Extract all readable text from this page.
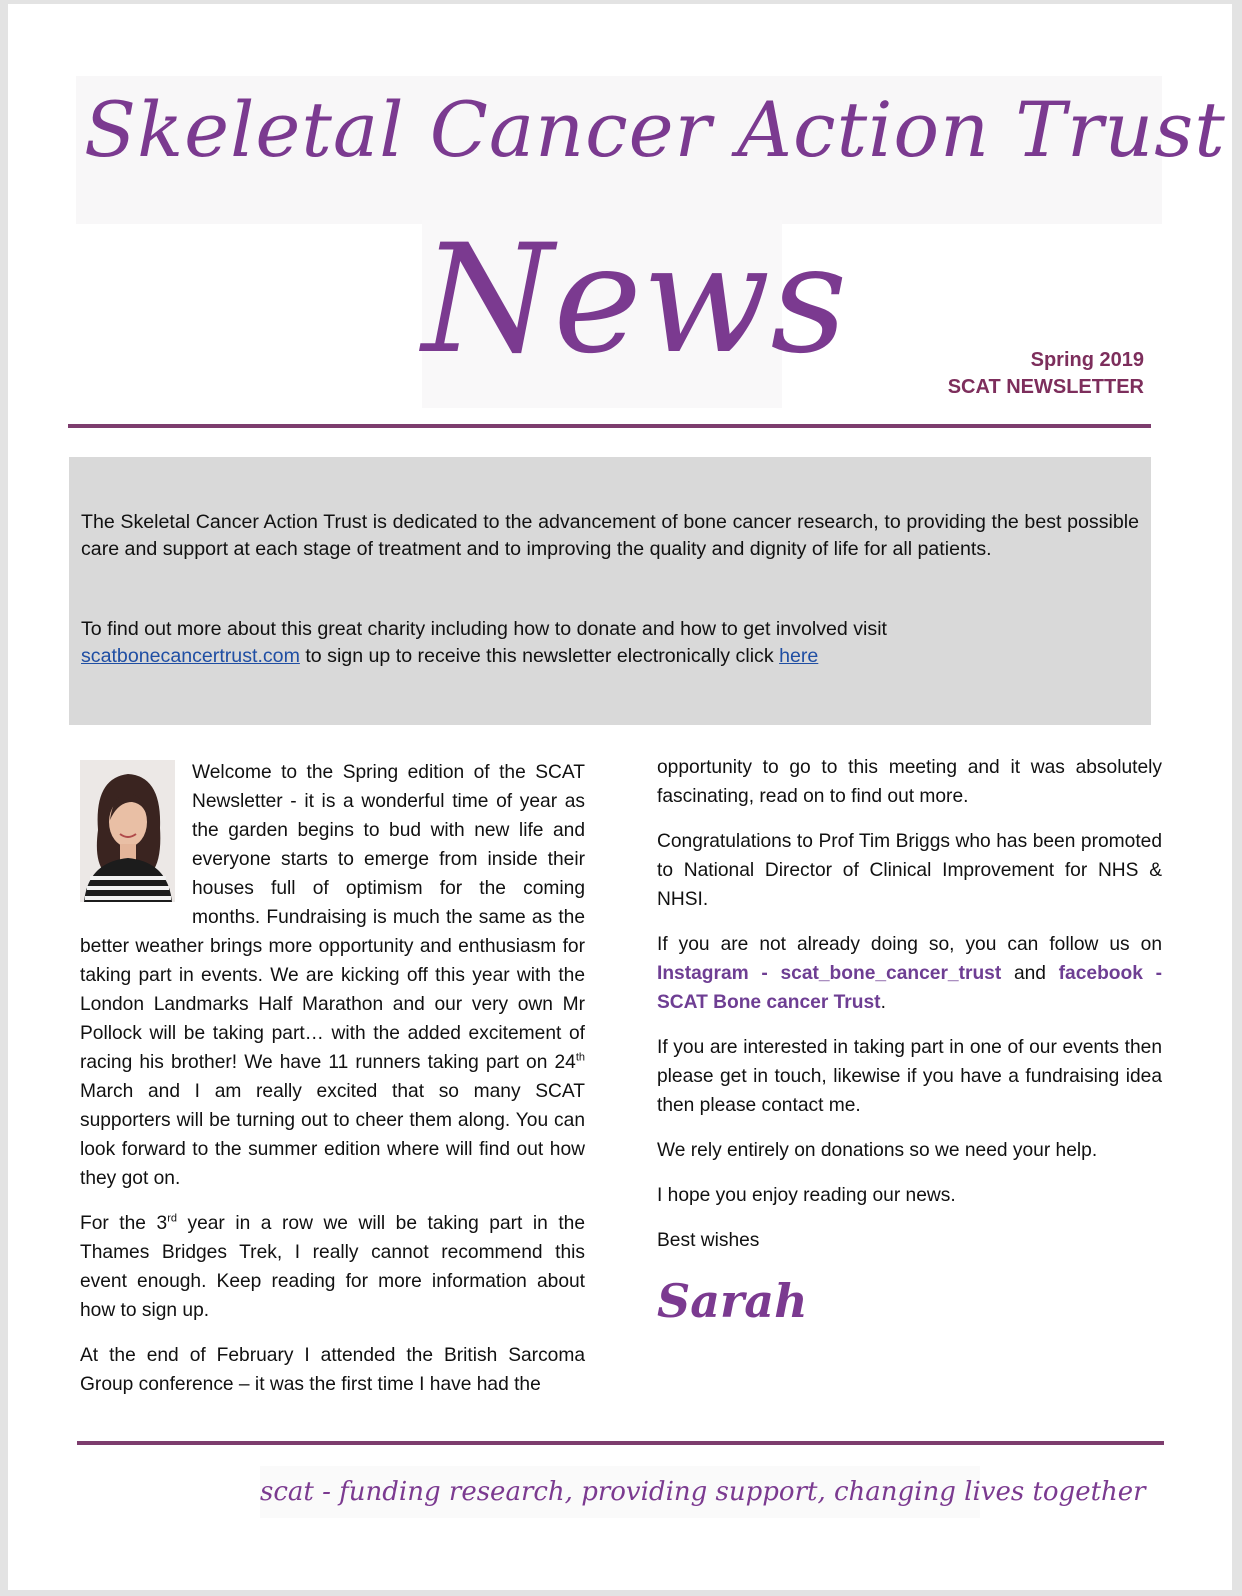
Skeletal Cancer Action Trust
News	Spring 2019
SCAT NEWSLETTER

The Skeletal Cancer Action Trust is dedicated to the advancement of bone cancer research, to providing the best possible care and support at each stage of treatment and to improving the quality and dignity of life for all patients.

To find out more about this great charity including how to donate and how to get involved visit
scatbonecancertrust.com to sign up to receive this newsletter electronically click here

Welcome to the Spring edition of the SCAT Newsletter - it is a wonderful time of year as the garden begins to bud with new life and everyone starts to emerge from inside their houses full of optimism for the coming months. Fundraising is much the same as the better weather brings more opportunity and enthusiasm for taking part in events. We are kicking off this year with the London Landmarks Half Marathon and our very own Mr Pollock will be taking part… with the added excitement of racing his brother! We have 11 runners taking part on 24th March and I am really excited that so many SCAT supporters will be turning out to cheer them along. You can look forward to the summer edition where will find out how they got on.

For the 3rd year in a row we will be taking part in the Thames Bridges Trek, I really cannot recommend this event enough. Keep reading for more information about how to sign up.

At the end of February I attended the British Sarcoma Group conference – it was the first time I have had the

opportunity to go to this meeting and it was absolutely fascinating, read on to find out more.

Congratulations to Prof Tim Briggs who has been promoted to National Director of Clinical Improvement for NHS & NHSI.

If you are not already doing so, you can follow us on Instagram - scat_bone_cancer_trust and facebook - SCAT Bone cancer Trust.

If you are interested in taking part in one of our events then please get in touch, likewise if you have a fundraising idea then please contact me.

We rely entirely on donations so we need your help.

I hope you enjoy reading our news.

Best wishes

Sarah
scat - funding research, providing support, changing lives together
